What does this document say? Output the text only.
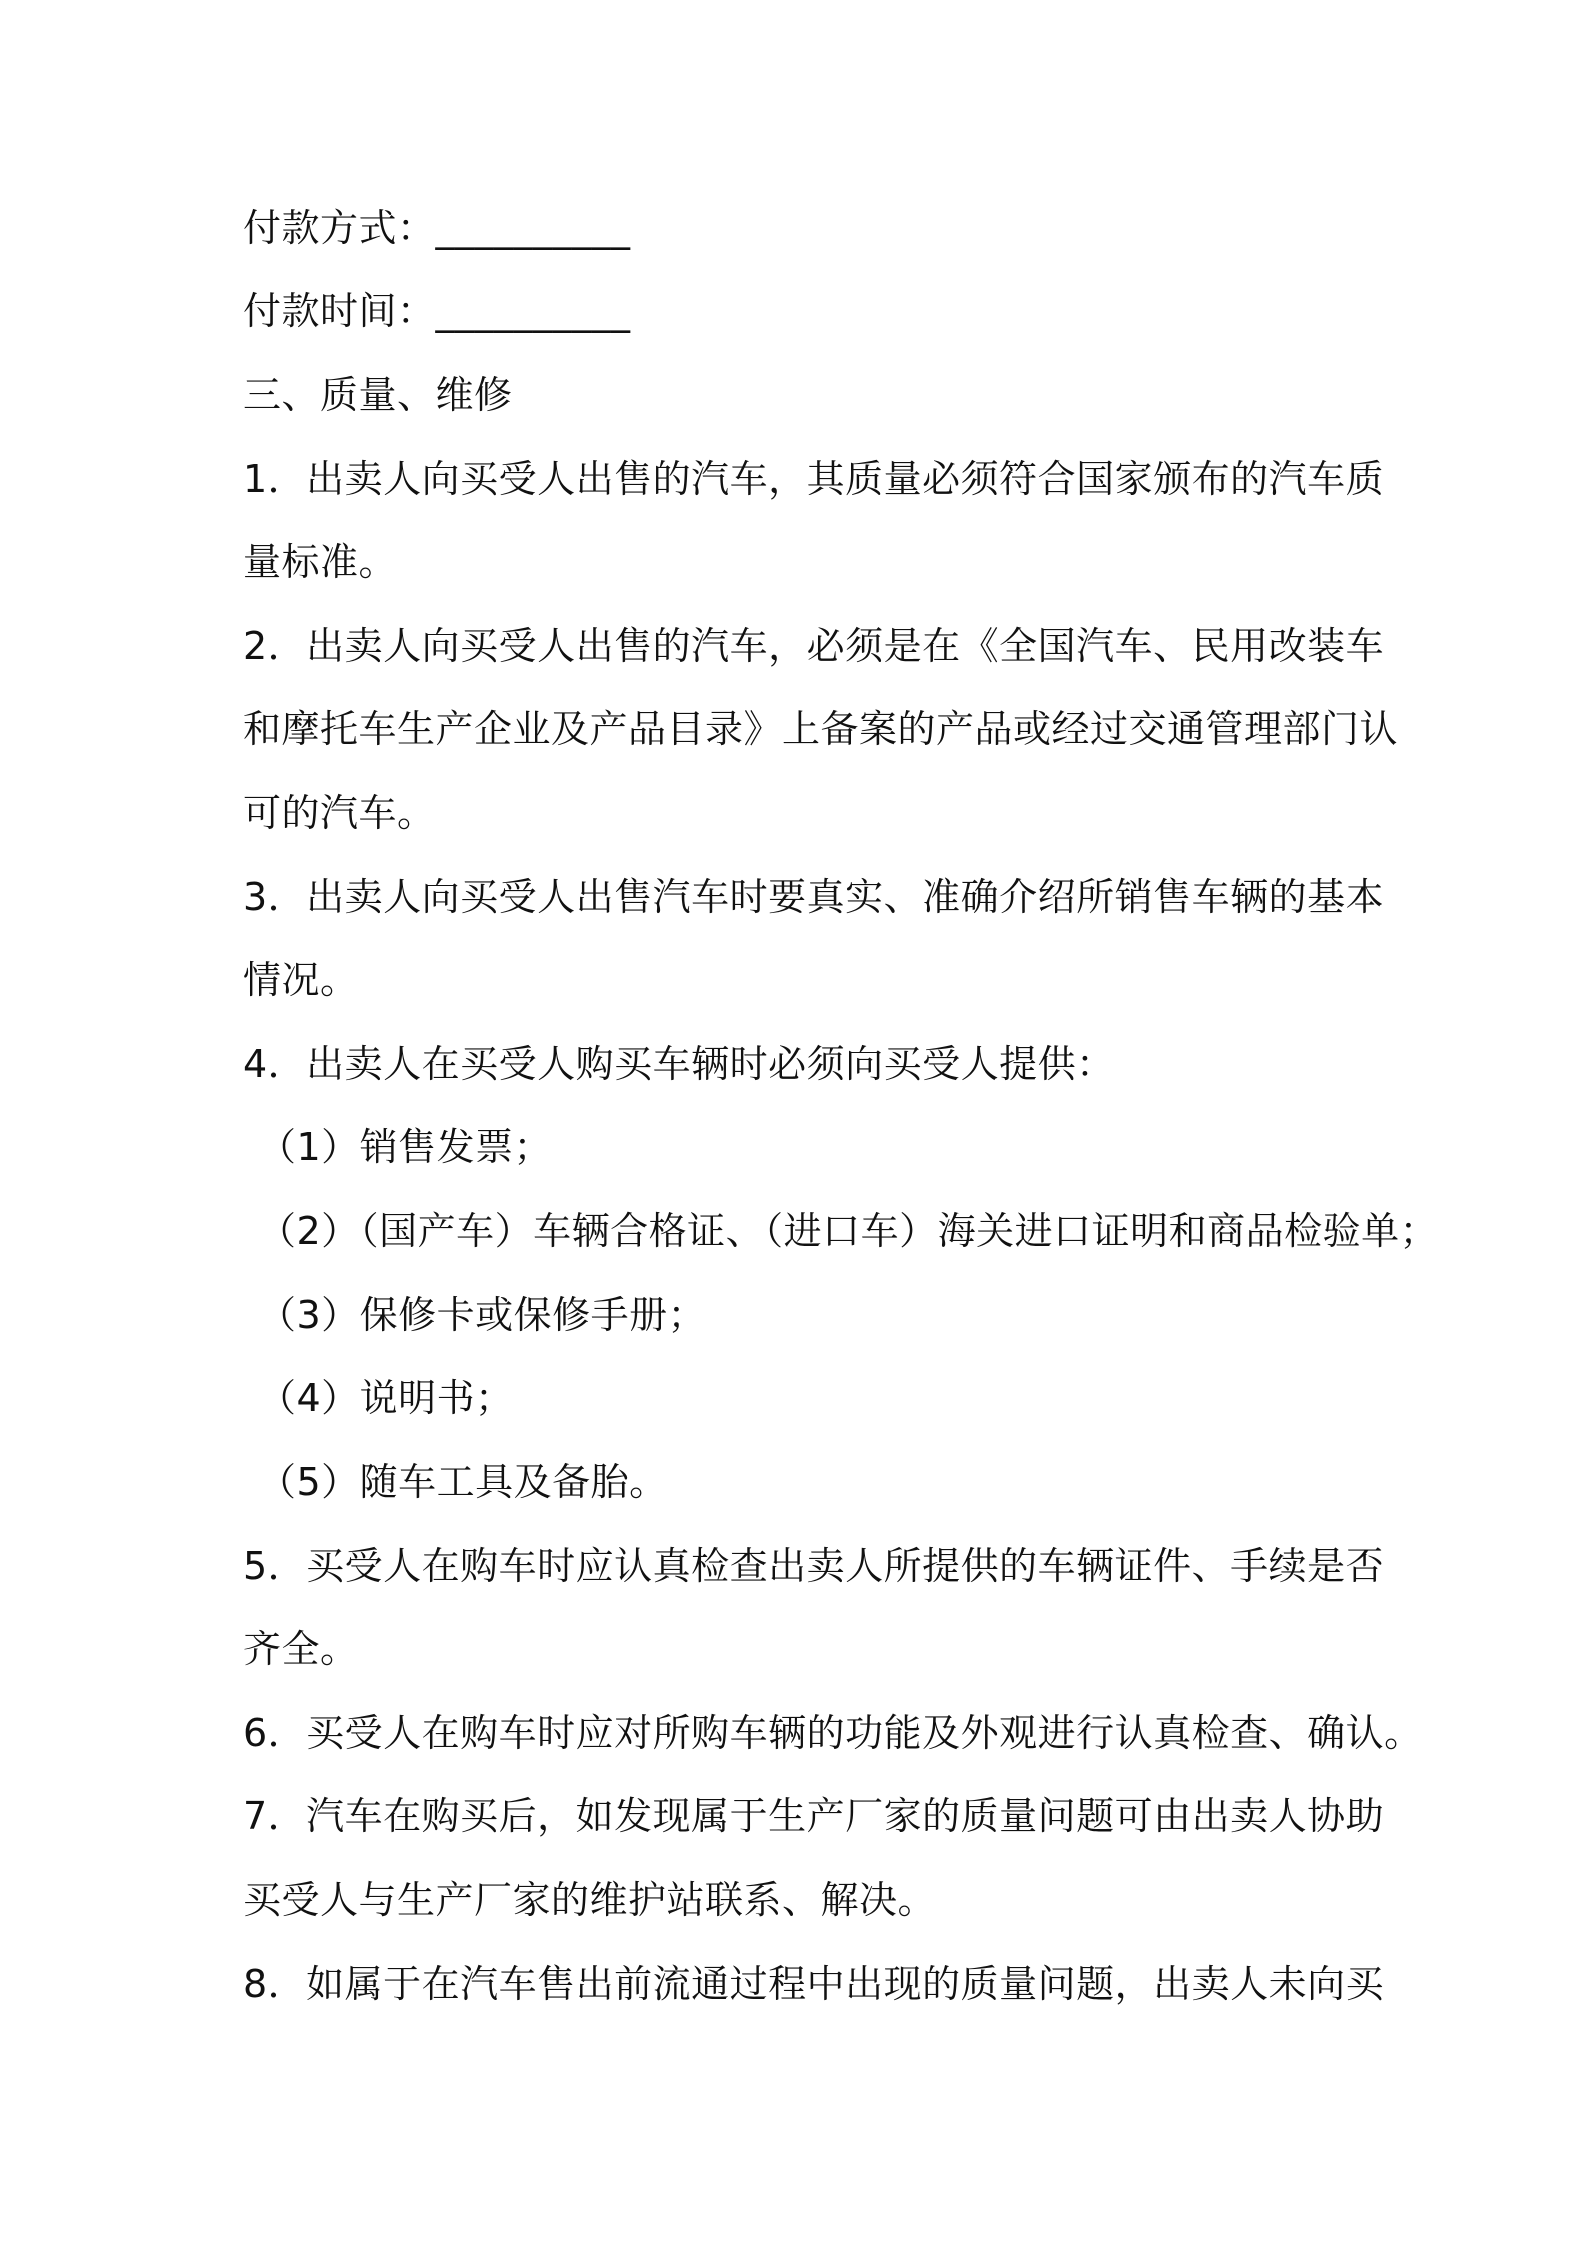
付款方式：__________
付款时间：__________
三、质量、维修
1．出卖人向买受人出售的汽车，其质量必须符合国家颁布的汽车质
量标准。
2．出卖人向买受人出售的汽车，必须是在《全国汽车、民用改装车
和摩托车生产企业及产品目录》上备案的产品或经过交通管理部门认
可的汽车。
3．出卖人向买受人出售汽车时要真实、准确介绍所销售车辆的基本
情况。
4．出卖人在买受人购买车辆时必须向买受人提供：
（1）销售发票；
（2）（国产车）车辆合格证、（进口车）海关进口证明和商品检验单；
（3）保修卡或保修手册；
（4）说明书；
（5）随车工具及备胎。
5．买受人在购车时应认真检查出卖人所提供的车辆证件、手续是否
齐全。
6．买受人在购车时应对所购车辆的功能及外观进行认真检查、确认。
7．汽车在购买后，如发现属于生产厂家的质量问题可由出卖人协助
买受人与生产厂家的维护站联系、解决。
8．如属于在汽车售出前流通过程中出现的质量问题，出卖人未向买
